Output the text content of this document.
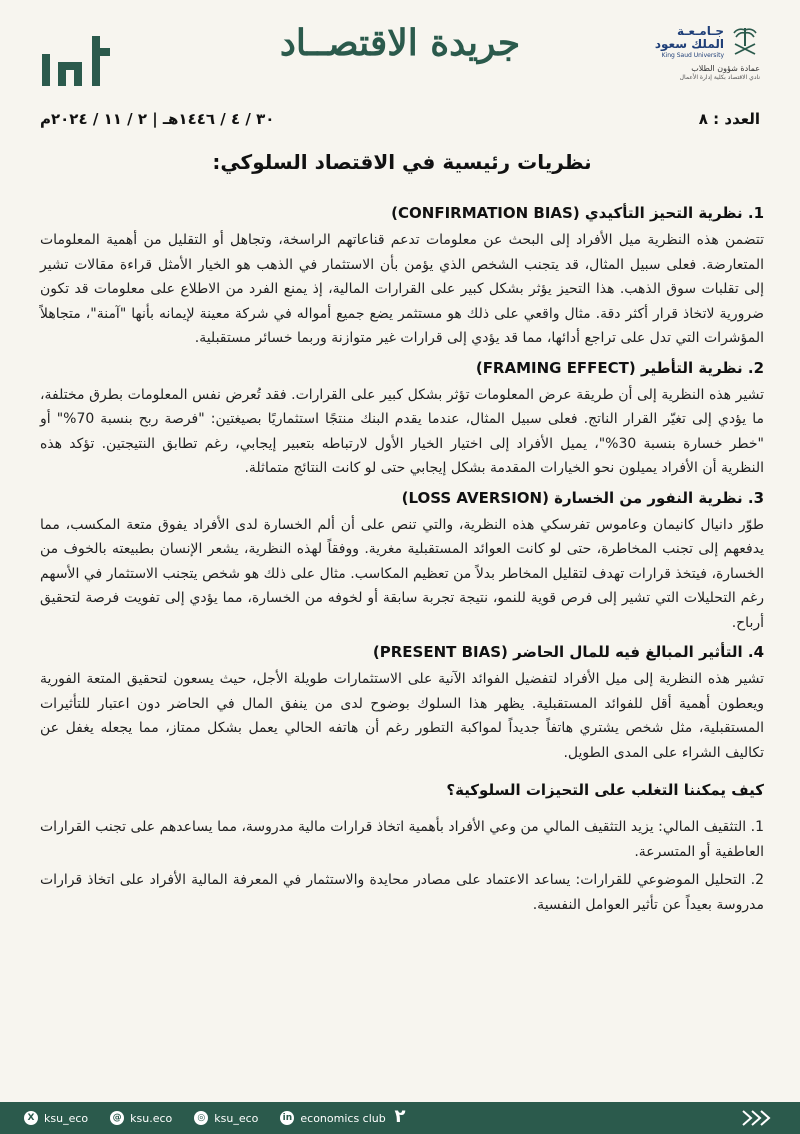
جـامـعـة
الملك سعود
King Saud University
عمادة شؤون الطلاب
نادي الاقتصاد بكلية إدارة الأعمال
جريدة الاقتصــاد
العدد : ٨
٣٠ / ٤ / ١٤٤٦هـ | ٢ / ١١ / ٢٠٢٤م
نظريات رئيسية في الاقتصاد السلوكي:
1. نظرية التحيز التأكيدي (CONFIRMATION BIAS)

تتضمن هذه النظرية ميل الأفراد إلى البحث عن معلومات تدعم قناعاتهم الراسخة، وتجاهل أو التقليل من أهمية المعلومات المتعارضة. فعلى سبيل المثال، قد يتجنب الشخص الذي يؤمن بأن الاستثمار في الذهب هو الخيار الأمثل قراءة مقالات تشير إلى تقلبات سوق الذهب. هذا التحيز يؤثر بشكل كبير على القرارات المالية، إذ يمنع الفرد من الاطلاع على معلومات قد تكون ضرورية لاتخاذ قرار أكثر دقة. مثال واقعي على ذلك هو مستثمر يضع جميع أمواله في شركة معينة لإيمانه بأنها "آمنة"، متجاهلاً المؤشرات التي تدل على تراجع أدائها، مما قد يؤدي إلى قرارات غير متوازنة وربما خسائر مستقبلية.

2. نظرية التأطير (FRAMING EFFECT)

تشير هذه النظرية إلى أن طريقة عرض المعلومات تؤثر بشكل كبير على القرارات. فقد تُعرض نفس المعلومات بطرق مختلفة، ما يؤدي إلى تغيّر القرار الناتج. فعلى سبيل المثال، عندما يقدم البنك منتجًا استثماريًا بصيغتين: "فرصة ربح بنسبة 70%" أو "خطر خسارة بنسبة 30%"، يميل الأفراد إلى اختيار الخيار الأول لارتباطه بتعبير إيجابي، رغم تطابق النتيجتين. تؤكد هذه النظرية أن الأفراد يميلون نحو الخيارات المقدمة بشكل إيجابي حتى لو كانت النتائج متماثلة.

3. نظرية النفور من الخسارة (LOSS AVERSION)

طوّر دانيال كانيمان وعاموس تفرسكي هذه النظرية، والتي تنص على أن ألم الخسارة لدى الأفراد يفوق متعة المكسب، مما يدفعهم إلى تجنب المخاطرة، حتى لو كانت العوائد المستقبلية مغرية. ووفقاً لهذه النظرية، يشعر الإنسان بطبيعته بالخوف من الخسارة، فيتخذ قرارات تهدف لتقليل المخاطر بدلاً من تعظيم المكاسب. مثال على ذلك هو شخص يتجنب الاستثمار في الأسهم رغم التحليلات التي تشير إلى فرص قوية للنمو، نتيجة تجربة سابقة أو لخوفه من الخسارة، مما يؤدي إلى تفويت فرصة لتحقيق أرباح.

4. التأثير المبالغ فيه للمال الحاضر (PRESENT BIAS)

تشير هذه النظرية إلى ميل الأفراد لتفضيل الفوائد الآنية على الاستثمارات طويلة الأجل، حيث يسعون لتحقيق المتعة الفورية ويعطون أهمية أقل للفوائد المستقبلية. يظهر هذا السلوك بوضوح لدى من ينفق المال في الحاضر دون اعتبار للتأثيرات المستقبلية، مثل شخص يشتري هاتفاً جديداً لمواكبة التطور رغم أن هاتفه الحالي يعمل بشكل ممتاز، مما يجعله يغفل عن تكاليف الشراء على المدى الطويل.

كيف يمكننا التغلب على التحيزات السلوكية؟

1. التثقيف المالي: يزيد التثقيف المالي من وعي الأفراد بأهمية اتخاذ قرارات مالية مدروسة، مما يساعدهم على تجنب القرارات العاطفية أو المتسرعة.

2. التحليل الموضوعي للقرارات: يساعد الاعتماد على مصادر محايدة والاستثمار في المعرفة المالية الأفراد على اتخاذ قرارات مدروسة بعيداً عن تأثير العوامل النفسية.

X ksu_eco	@ ksu.eco	◎ ksu_eco	in economics club ٢
